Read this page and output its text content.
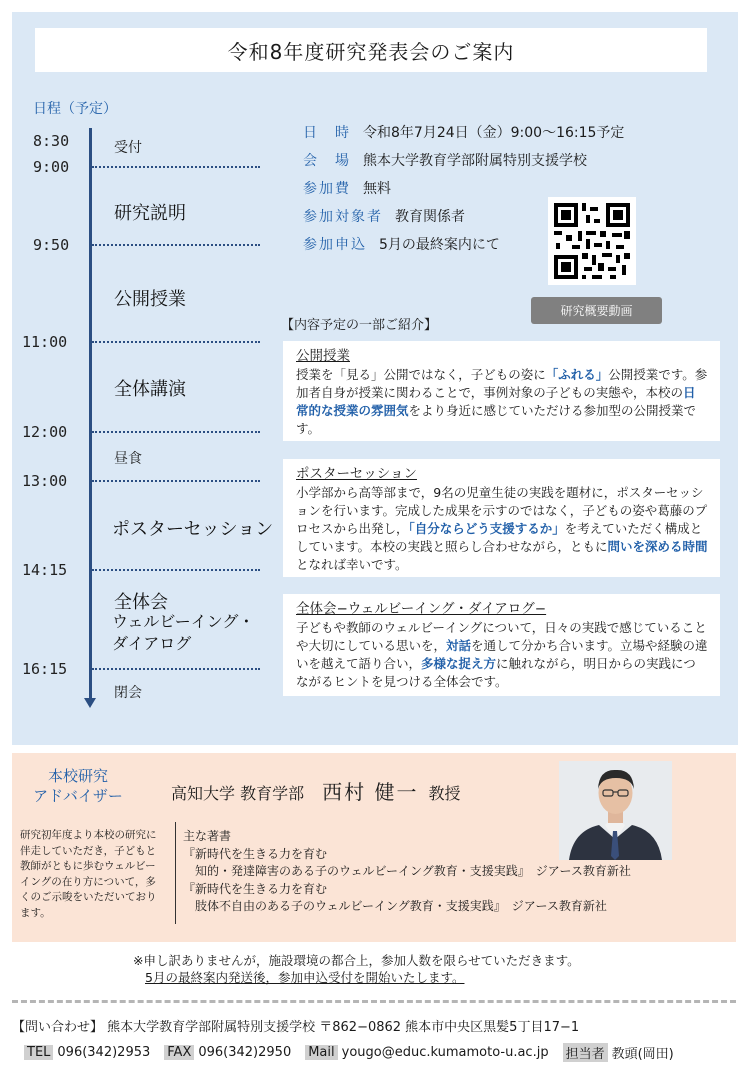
令和8年度研究発表会のご案内
日程（予定）
8:30
9:00
9:50
11:00
12:00
13:00
14:15
16:15
受付
研究説明
公開授業
全体講演
昼食
ポスターセッション
全体会
ウェルビーイング・
ダイアログ
閉会
日　時 令和8年7月24日（金）9:00～16:15予定
会　場 熊本大学教育学部附属特別支援学校
参加費 無料
参加対象者 教育関係者
参加申込 5月の最終案内にて
研究概要動画
【内容予定の一部ご紹介】
公開授業
授業を「見る」公開ではなく，子どもの姿に「ふれる」公開授業です。参加者自身が授業に関わることで，事例対象の子どもの実態や，本校の日常的な授業の雰囲気をより身近に感じていただける参加型の公開授業です。
ポスターセッション
小学部から高等部まで，9名の児童生徒の実践を題材に，ポスターセッションを行います。完成した成果を示すのではなく，子どもの姿や葛藤のプロセスから出発し，「自分ならどう支援するか」を考えていただく構成としています。本校の実践と照らし合わせながら，ともに問いを深める時間となれば幸いです。
全体会−ウェルビーイング・ダイアログ−
子どもや教師のウェルビーイングについて，日々の実践で感じていることや大切にしている思いを，対話を通して分かち合います。立場や経験の違いを越えて語り合い，多様な捉え方に触れながら，明日からの実践につながるヒントを見つける全体会です。
本校研究
アドバイザー	高知大学 教育学部 西村 健一 教授
研究初年度より本校の研究に伴走していただき，子どもと教師がともに歩むウェルビーイングの在り方について，多くのご示唆をいただいております。
主な著書
『新時代を生きる力を育む
知的・発達障害のある子のウェルビーイング教育・支援実践』　ジアース教育新社
『新時代を生きる力を育む
肢体不自由のある子のウェルビーイング教育・支援実践』　ジアース教育新社
※申し訳ありませんが，施設環境の都合上，参加人数を限らせていただきます。
5月の最終案内発送後，参加申込受付を開始いたします。
【問い合わせ】 熊本大学教育学部附属特別支援学校 〒862−0862 熊本市中央区黒髪5丁目17−1
TEL 096(342)2953 FAX 096(342)2950 Mail yougo@educ.kumamoto-u.ac.jp 担当者 教頭(岡田)
